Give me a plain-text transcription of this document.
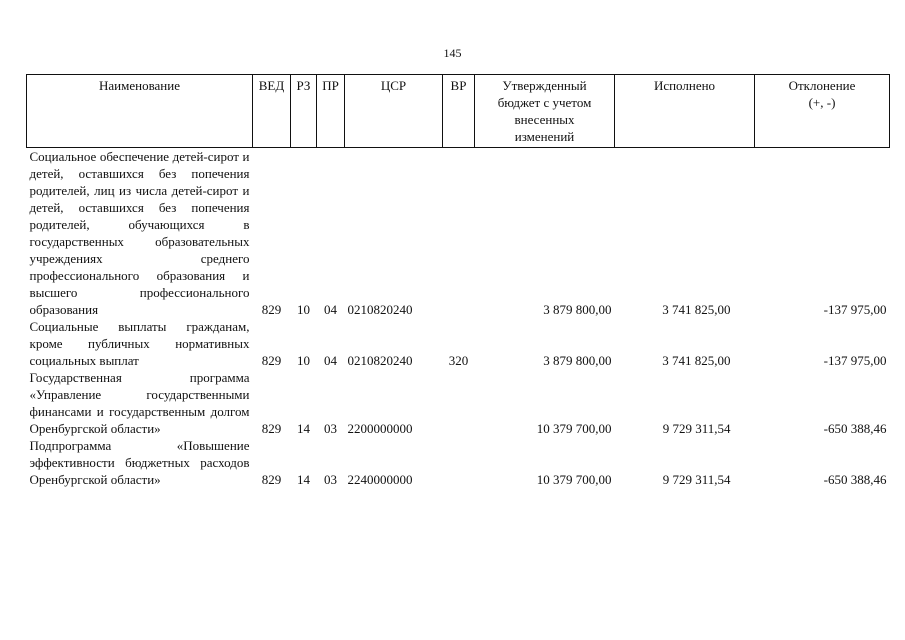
145
Наименование	ВЕД	РЗ	ПР	ЦСР	ВР	Утвержденный бюджет с учетом внесенных изменений	Исполнено	Отклонение (+, -)
Социальное обеспечение детей-сирот и детей, оставшихся без попечения родителей, лиц из числа детей-сирот и детей, оставшихся без попечения родителей, обучающихся в государственных образовательных учреждениях среднего профессионального образования и высшего профессионального образования	829	10	04	0210820240		3 879 800,00	3 741 825,00	-137 975,00
Социальные выплаты гражданам, кроме публичных нормативных социальных выплат	829	10	04	0210820240	320	3 879 800,00	3 741 825,00	-137 975,00
Государственная программа «Управление государственными финансами и государственным долгом Оренбургской области»	829	14	03	2200000000		10 379 700,00	9 729 311,54	-650 388,46
Подпрограмма «Повышение эффективности бюджетных расходов Оренбургской области»	829	14	03	2240000000		10 379 700,00	9 729 311,54	-650 388,46
